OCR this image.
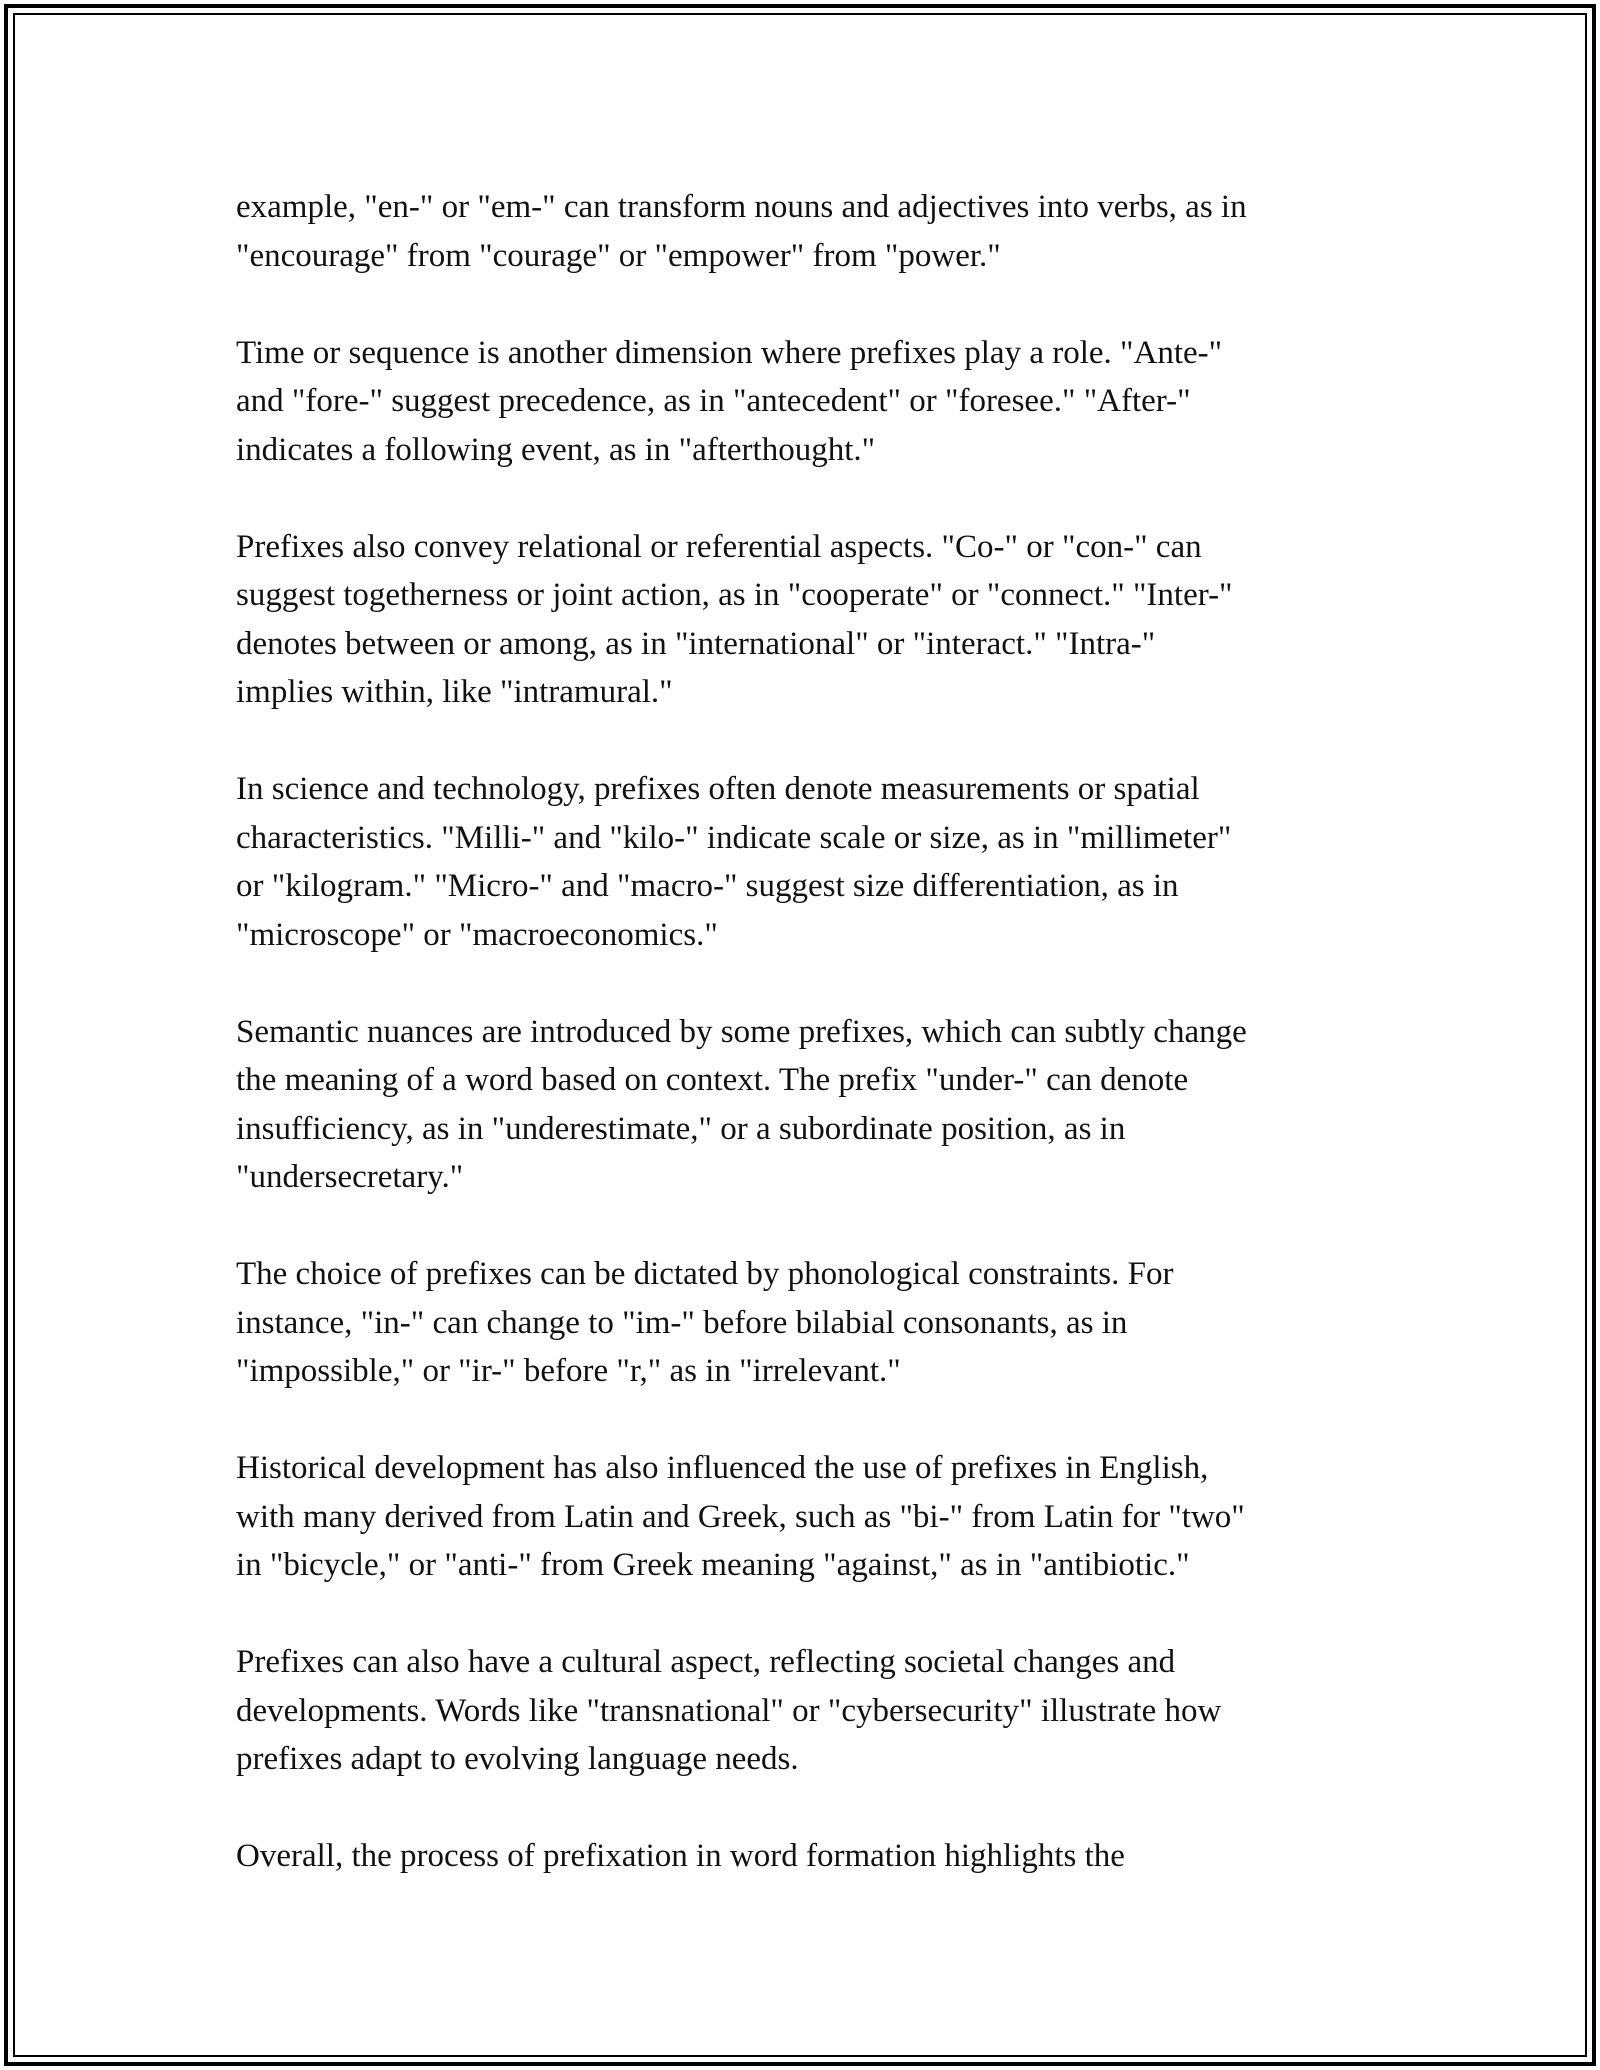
example, "en-" or "em-" can transform nouns and adjectives into verbs, as in
"encourage" from "courage" or "empower" from "power."

Time or sequence is another dimension where prefixes play a role. "Ante-"
and "fore-" suggest precedence, as in "antecedent" or "foresee." "After-"
indicates a following event, as in "afterthought."

Prefixes also convey relational or referential aspects. "Co-" or "con-" can
suggest togetherness or joint action, as in "cooperate" or "connect." "Inter-"
denotes between or among, as in "international" or "interact." "Intra-"
implies within, like "intramural."

In science and technology, prefixes often denote measurements or spatial
characteristics. "Milli-" and "kilo-" indicate scale or size, as in "millimeter"
or "kilogram." "Micro-" and "macro-" suggest size differentiation, as in
"microscope" or "macroeconomics."

Semantic nuances are introduced by some prefixes, which can subtly change
the meaning of a word based on context. The prefix "under-" can denote
insufficiency, as in "underestimate," or a subordinate position, as in
"undersecretary."

The choice of prefixes can be dictated by phonological constraints. For
instance, "in-" can change to "im-" before bilabial consonants, as in
"impossible," or "ir-" before "r," as in "irrelevant."

Historical development has also influenced the use of prefixes in English,
with many derived from Latin and Greek, such as "bi-" from Latin for "two"
in "bicycle," or "anti-" from Greek meaning "against," as in "antibiotic."

Prefixes can also have a cultural aspect, reflecting societal changes and
developments. Words like "transnational" or "cybersecurity" illustrate how
prefixes adapt to evolving language needs.

Overall, the process of prefixation in word formation highlights the
